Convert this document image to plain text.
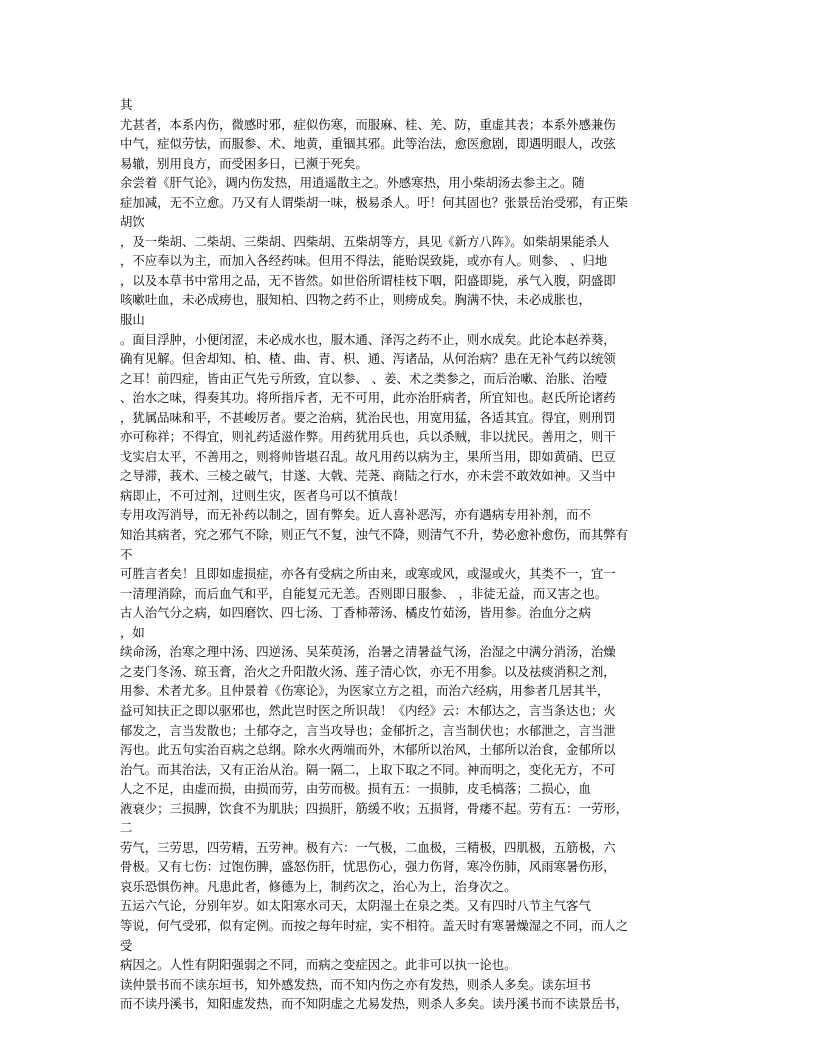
其
尤甚者，本系内伤，微感时邪，症似伤寒，而服麻、桂、羌、防，重虚其表；本系外感兼伤
中气，症似劳怯，而服参、术、地黄，重锢其邪。此等治法，愈医愈剧，即遇明眼人，改弦
易辙，别用良方，而受困多日，已濒于死矣。
余尝着《肝气论》，调内伤发热，用逍遥散主之。外感寒热，用小柴胡汤去参主之。随
症加减，无不立愈。乃又有人谓柴胡一味，极易杀人。吁！何其固也？张景岳治受邪，有正柴
胡饮
，及一柴胡、二柴胡、三柴胡、四柴胡、五柴胡等方，具见《新方八阵》。如柴胡果能杀人
，不应奉以为主，而加入各经药味。但用不得法，能贻误致毙，或亦有人。则参、 、归地
，以及本草书中常用之品，无不皆然。如世俗所谓桂枝下咽，阳盛即毙，承气入腹，阴盛即
咳嗽吐血，未必成痨也，服知柏、四物之药不止，则痨成矣。胸满不快，未必成胀也，
服山
。面目浮肿，小便闭涩，未必成水也，服木通、泽泻之药不止，则水成矣。此论本赵养葵，
确有见解。但舍却知、柏、楂、曲、青、枳、通、泻诸品，从何治病？患在无补气药以统领
之耳！前四症，皆由正气先亏所致，宜以参、 、姜、术之类参之，而后治嗽、治胀、治噎
、治水之味，得奏其功。将所指斥者，无不可用，此亦治肝病者，所宜知也。赵氏所论诸药
，犹属品味和平，不甚峻厉者。要之治病，犹治民也，用宽用猛，各适其宜。得宜，则刑罚
亦可称祥；不得宜，则礼药适滋作弊。用药犹用兵也，兵以杀贼，非以扰民。善用之，则干
戈实启太平，不善用之，则将帅皆堪召乱。故凡用药以病为主，果所当用，即如黄硝、巴豆
之导滞，莪术、三棱之破气，甘遂、大戟、芫荛、商陆之行水，亦未尝不敢效如神。又当中
病即止，不可过剂，过则生灾，医者乌可以不慎哉！
专用攻泻消导，而无补药以制之，固有弊矣。近人喜补恶泻，亦有遇病专用补剂，而不
知治其病者，究之邪气不除，则正气不复，浊气不降，则清气不升，势必愈补愈伤，而其弊有
不
可胜言者矣！且即如虚损症，亦各有受病之所由来，或寒或风，或湿或火，其类不一，宜一
一清理消除，而后血气和平，自能复元无恙。否则即日服参、 ，非徒无益，而又害之也。
古人治气分之病，如四磨饮、四七汤、丁香柿蒂汤、橘皮竹茹汤，皆用参。治血分之病
，如
续命汤，治寒之理中汤、四逆汤、吴茱萸汤，治暑之清暑益气汤，治湿之中满分消汤，治燥
之麦门冬汤、琼玉膏，治火之升阳散火汤、莲子清心饮，亦无不用参。以及祛痰消积之剂，
用参、术者尤多。且仲景着《伤寒论》，为医家立方之祖，而治六经病，用参者几居其半，
益可知扶正之即以驱邪也，然此岂时医之所识哉！《内经》云：木郁达之，言当条达也；火
郁发之，言当发散也；土郁夺之，言当攻导也；金郁折之，言当制伏也；水郁泄之，言当泄
泻也。此五句实治百病之总纲。除水火两端而外，木郁所以治风，土郁所以治食，金郁所以
治气。而其治法，又有正治从治。隔一隔二，上取下取之不同。神而明之，变化无方，不可
人之不足，由虚而损，由损而劳，由劳而极。损有五：一损肺，皮毛槁落；二损心，血
液衰少；三损脾，饮食不为肌肤；四损肝，筋缓不收；五损肾，骨痿不起。劳有五：一劳形，
二
劳气，三劳思，四劳精，五劳神。极有六：一气极，二血极，三精极，四肌极，五筋极，六
骨极。又有七伤：过饱伤脾，盛怒伤肝，忧思伤心，强力伤肾，寒冷伤肺，风雨寒暑伤形，
哀乐恐惧伤神。凡患此者，修德为上，制药次之，治心为上，治身次之。
五运六气论，分别年岁。如太阳寒水司天，太阴湿土在泉之类。又有四时八节主气客气
等说，何气受邪，似有定例。而按之每年时症，实不相符。盖天时有寒暑燥湿之不同，而人之
受
病因之。人性有阴阳强弱之不同，而病之变症因之。此非可以执一论也。
读仲景书而不读东垣书，知外感发热，而不知内伤之亦有发热，则杀人多矣。读东垣书
而不读丹溪书，知阳虚发热，而不知阴虚之尤易发热，则杀人多矣。读丹溪书而不读景岳书，
